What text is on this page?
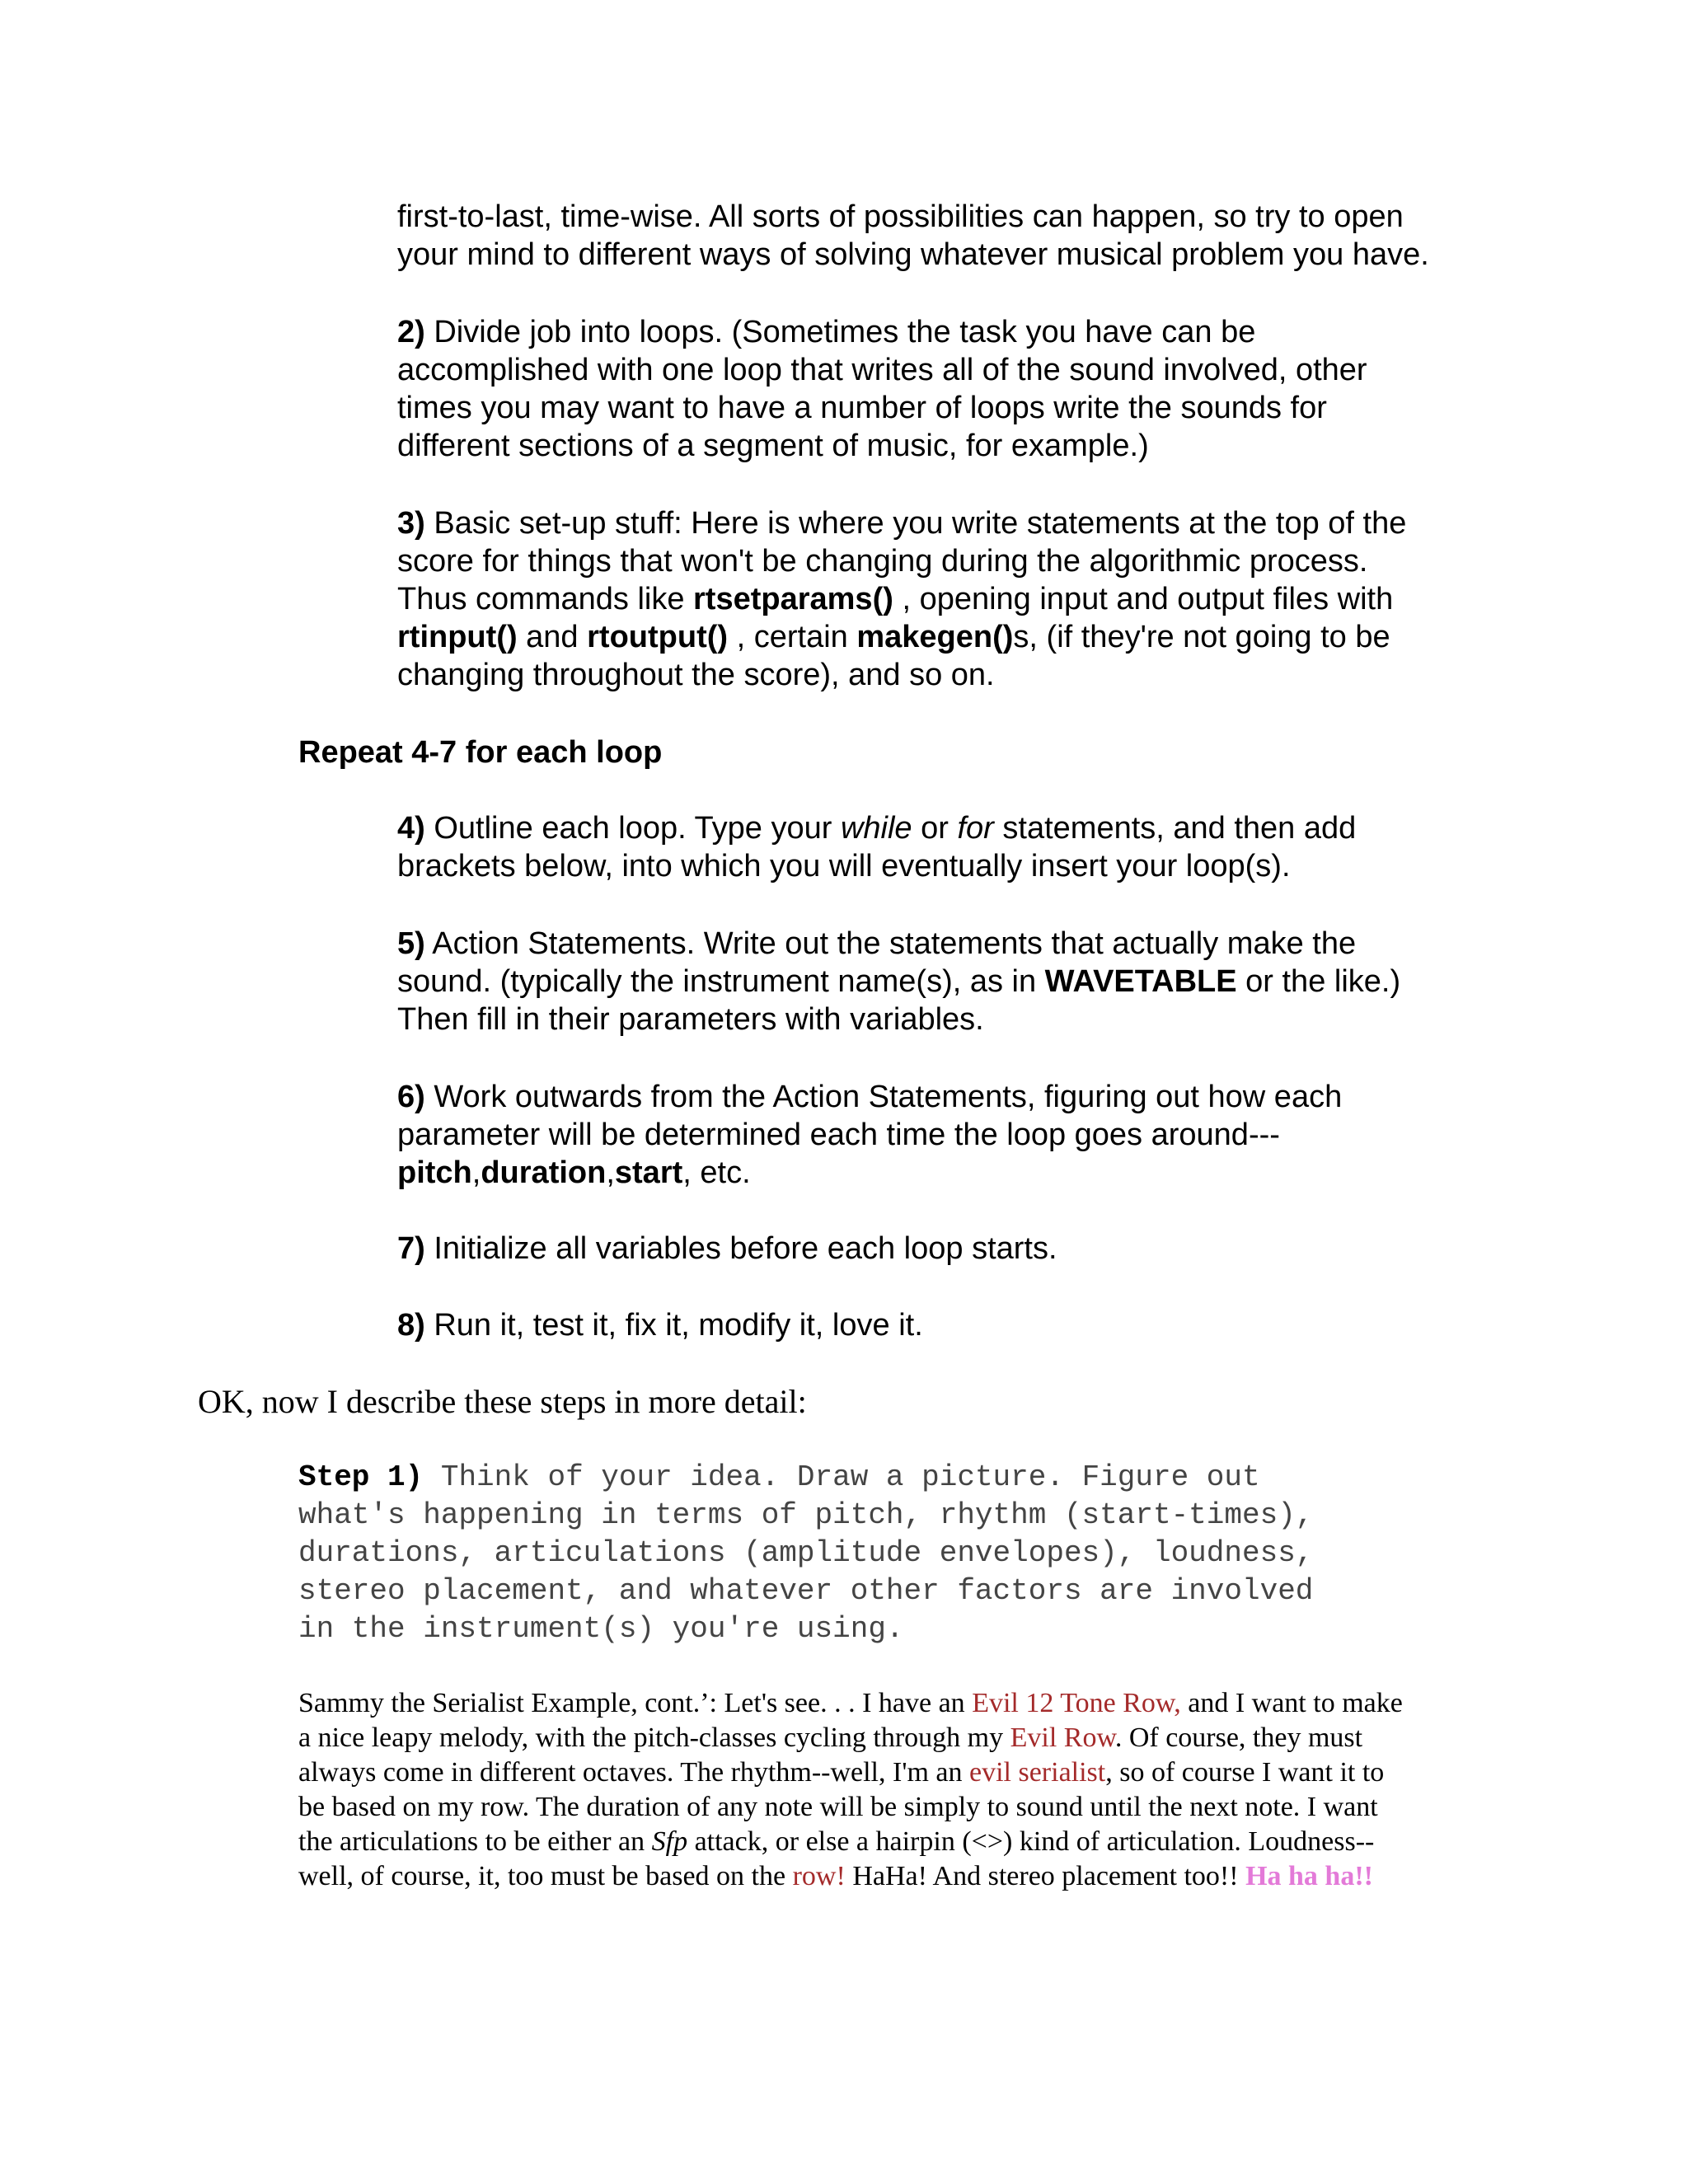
first-to-last, time-wise. All sorts of possibilities can happen, so try to open
your mind to different ways of solving whatever musical problem you have.

2) Divide job into loops. (Sometimes the task you have can be
accomplished with one loop that writes all of the sound involved, other
times you may want to have a number of loops write the sounds for
different sections of a segment of music, for example.)

3) Basic set-up stuff: Here is where you write statements at the top of the
score for things that won't be changing during the algorithmic process.
Thus commands like rtsetparams() , opening input and output files with
rtinput() and rtoutput() , certain makegen()s, (if they're not going to be
changing throughout the score), and so on.

Repeat 4-7 for each loop

4) Outline each loop. Type your while or for statements, and then add
brackets below, into which you will eventually insert your loop(s).

5) Action Statements. Write out the statements that actually make the
sound. (typically the instrument name(s), as in WAVETABLE or the like.)
Then fill in their parameters with variables.

6) Work outwards from the Action Statements, figuring out how each
parameter will be determined each time the loop goes around---
pitch,duration,start, etc.

7) Initialize all variables before each loop starts.

8) Run it, test it, fix it, modify it, love it.

OK, now I describe these steps in more detail:

Step 1) Think of your idea. Draw a picture. Figure out
what's happening in terms of pitch, rhythm (start-times),
durations, articulations (amplitude envelopes), loudness,
stereo placement, and whatever other factors are involved
in the instrument(s) you're using.

Sammy the Serialist Example, cont.’: Let's see. . . I have an Evil 12 Tone Row, and I want to make
a nice leapy melody, with the pitch-classes cycling through my Evil Row. Of course, they must
always come in different octaves. The rhythm--well, I'm an evil serialist, so of course I want it to
be based on my row. The duration of any note will be simply to sound until the next note. I want
the articulations to be either an Sfp attack, or else a hairpin (<>) kind of articulation. Loudness--
well, of course, it, too must be based on the row! HaHa! And stereo placement too!! Ha ha ha!!
